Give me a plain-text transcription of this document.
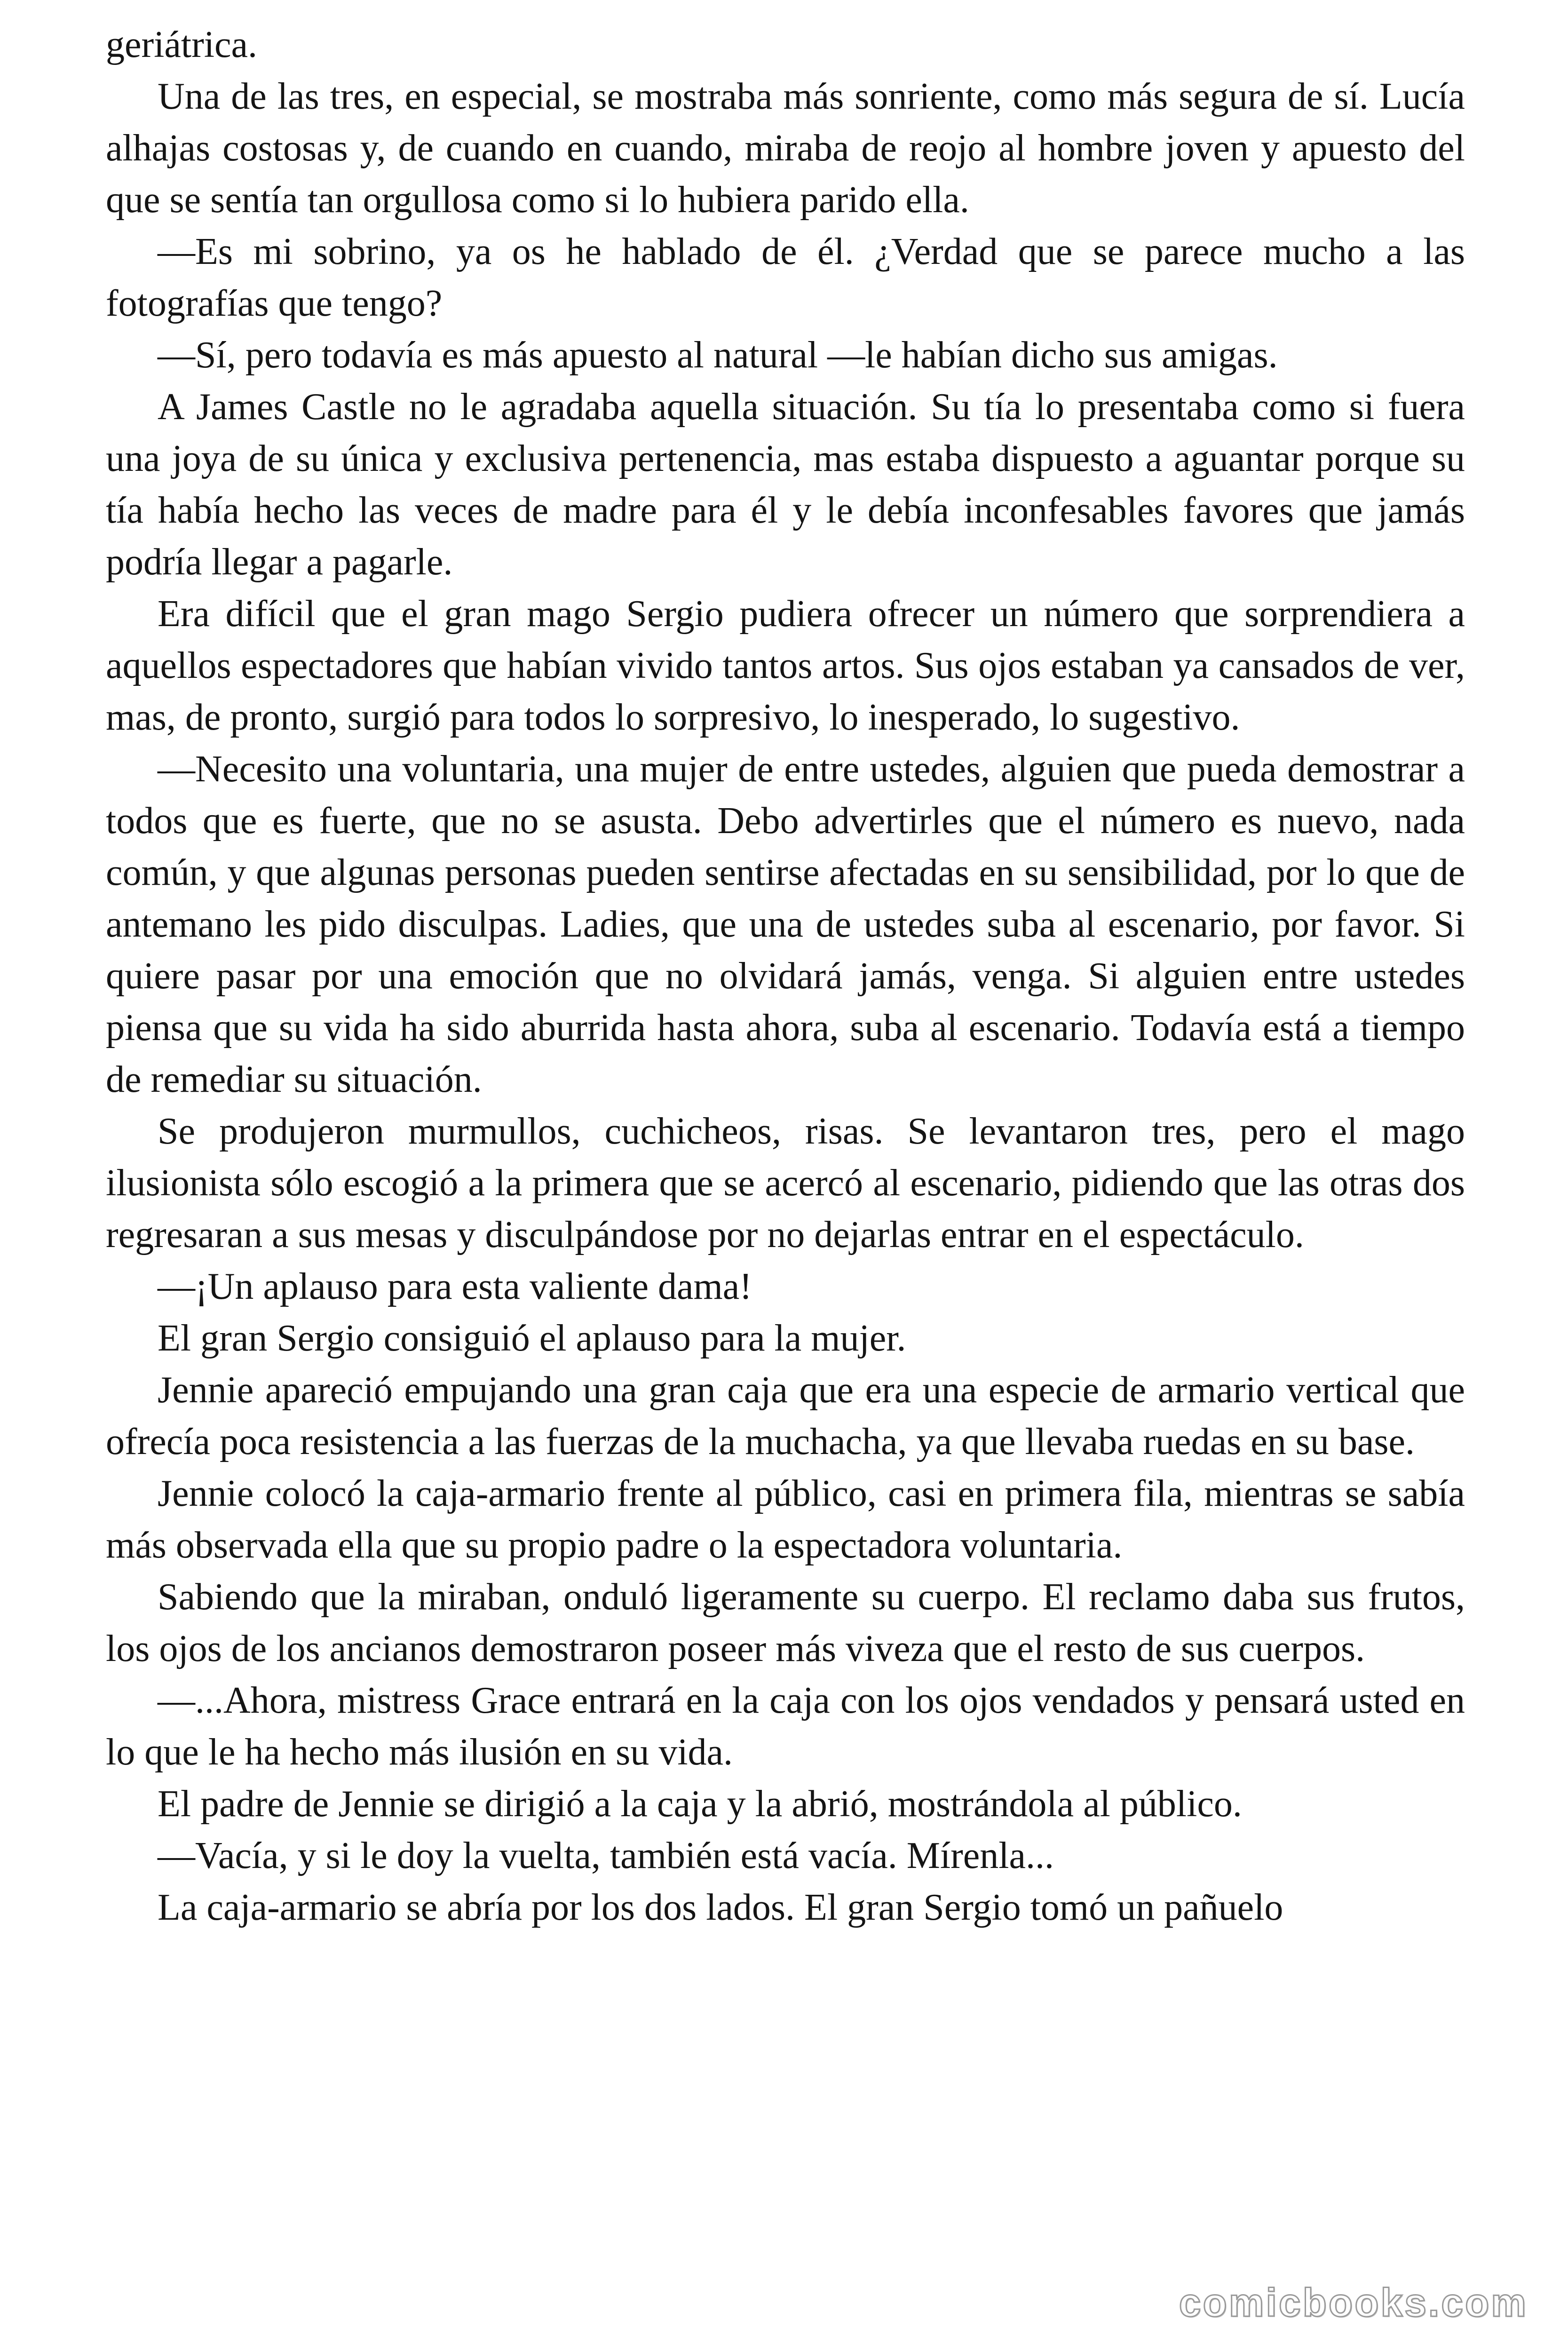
geriátrica.

Una de las tres, en especial, se mostraba más sonriente, como más segura de sí. Lucía alhajas costosas y, de cuando en cuando, miraba de reojo al hombre joven y apuesto del que se sentía tan orgullosa como si lo hubiera parido ella.

—Es mi sobrino, ya os he hablado de él. ¿Verdad que se parece mucho a las fotografías que tengo?

—Sí, pero todavía es más apuesto al natural —le habían dicho sus amigas.

A James Castle no le agradaba aquella situación. Su tía lo presentaba como si fuera una joya de su única y exclusiva pertenencia, mas estaba dispuesto a aguantar porque su tía había hecho las veces de madre para él y le debía inconfesables favores que jamás podría llegar a pagarle.

Era difícil que el gran mago Sergio pudiera ofrecer un número que sorprendiera a aquellos espectadores que habían vivido tantos artos. Sus ojos estaban ya cansados de ver, mas, de pronto, surgió para todos lo sorpresivo, lo inesperado, lo sugestivo.

—Necesito una voluntaria, una mujer de entre ustedes, alguien que pueda demostrar a todos que es fuerte, que no se asusta. Debo advertirles que el número es nuevo, nada común, y que algunas personas pueden sentirse afectadas en su sensibilidad, por lo que de antemano les pido disculpas. Ladies, que una de ustedes suba al escenario, por favor. Si quiere pasar por una emoción que no olvidará jamás, venga. Si alguien entre ustedes piensa que su vida ha sido aburrida hasta ahora, suba al escenario. Todavía está a tiempo de remediar su situación.

Se produjeron murmullos, cuchicheos, risas. Se levantaron tres, pero el mago ilusionista sólo escogió a la primera que se acercó al escenario, pidiendo que las otras dos regresaran a sus mesas y disculpándose por no dejarlas entrar en el espectáculo.

—¡Un aplauso para esta valiente dama!

El gran Sergio consiguió el aplauso para la mujer.

Jennie apareció empujando una gran caja que era una especie de armario vertical que ofrecía poca resistencia a las fuerzas de la muchacha, ya que llevaba ruedas en su base.

Jennie colocó la caja-armario frente al público, casi en primera fila, mientras se sabía más observada ella que su propio padre o la espectadora voluntaria.

Sabiendo que la miraban, onduló ligeramente su cuerpo. El reclamo daba sus frutos, los ojos de los ancianos demostraron poseer más viveza que el resto de sus cuerpos.

—...Ahora, mistress Grace entrará en la caja con los ojos vendados y pensará usted en lo que le ha hecho más ilusión en su vida.

El padre de Jennie se dirigió a la caja y la abrió, mostrándola al público.

—Vacía, y si le doy la vuelta, también está vacía. Mírenla...

La caja-armario se abría por los dos lados. El gran Sergio tomó un pañuelo

comicbooks.com
